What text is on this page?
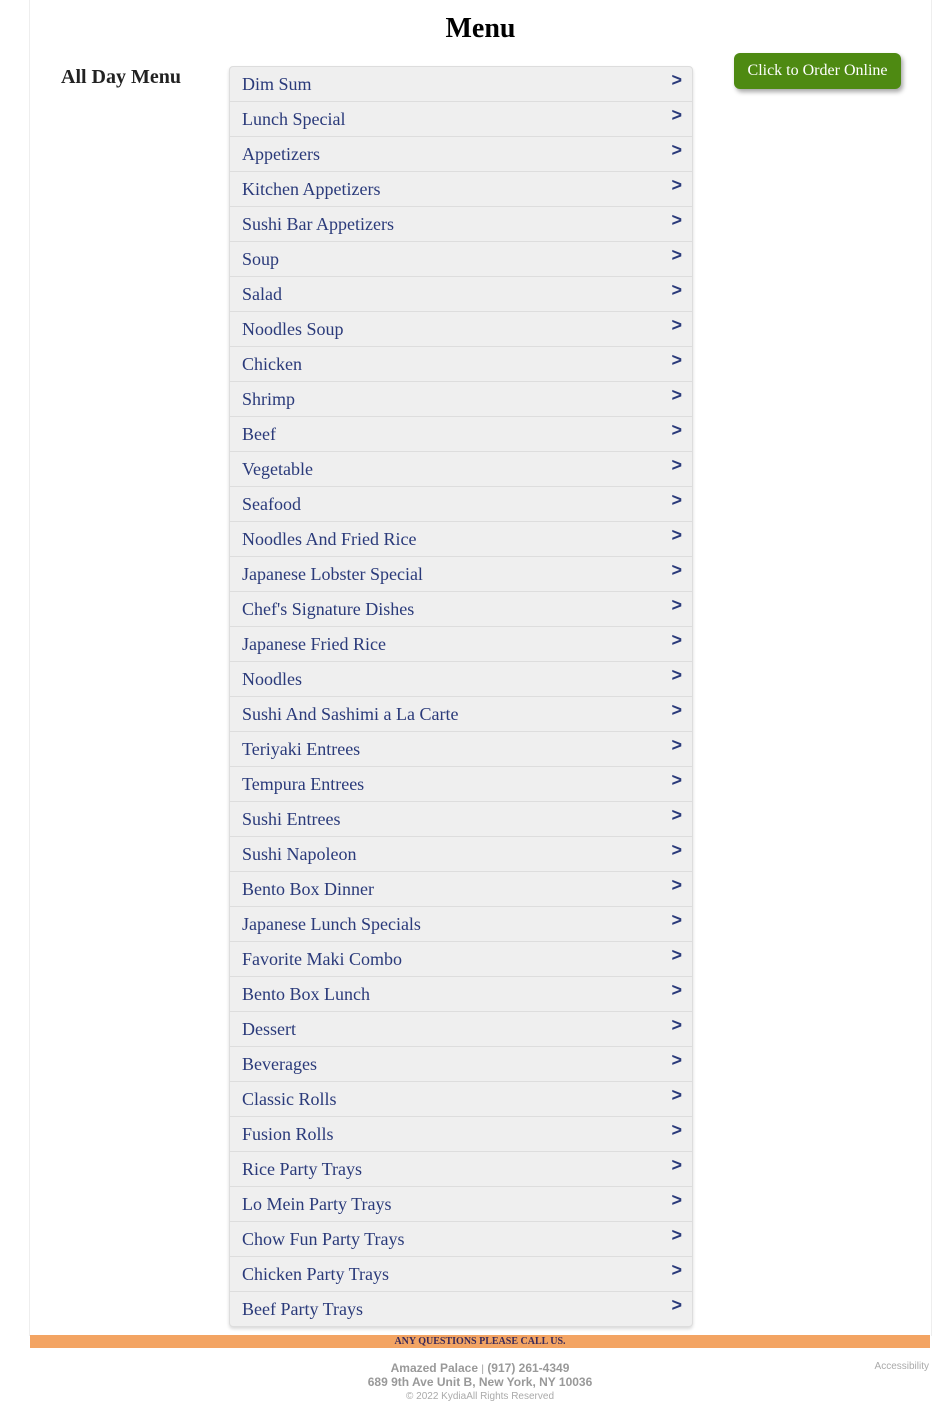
Menu
All Day Menu	Dim Sum	>
Lunch Special	>
Appetizers	>
Kitchen Appetizers	>
Sushi Bar Appetizers	>
Soup	>
Salad	>
Noodles Soup	>
Chicken	>
Shrimp	>
Beef	>
Vegetable	>
Seafood	>
Noodles And Fried Rice	>
Japanese Lobster Special	>
Chef's Signature Dishes	>
Japanese Fried Rice	>
Noodles	>
Sushi And Sashimi a La Carte	>
Teriyaki Entrees	>
Tempura Entrees	>
Sushi Entrees	>
Sushi Napoleon	>
Bento Box Dinner	>
Japanese Lunch Specials	>
Favorite Maki Combo	>
Bento Box Lunch	>
Dessert	>
Beverages	>
Classic Rolls	>
Fusion Rolls	>
Rice Party Trays	>
Lo Mein Party Trays	>
Chow Fun Party Trays	>
Chicken Party Trays	>
Beef Party Trays	>
Click to Order Online
ANY QUESTIONS PLEASE CALL US.
Amazed Palace | (917) 261-4349
689 9th Ave Unit B, New York, NY 10036
© 2022 KydiaAll Rights Reserved
Accessibility
